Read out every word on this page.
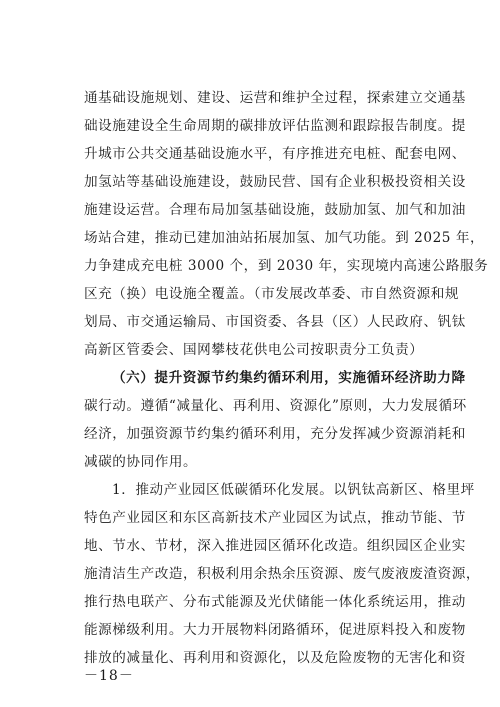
通基础设施规划、建设、运营和维护全过程，探索建立交通基
础设施建设全生命周期的碳排放评估监测和跟踪报告制度。提
升城市公共交通基础设施水平，有序推进充电桩、配套电网、
加氢站等基础设施建设，鼓励民营、国有企业积极投资相关设
施建设运营。合理布局加氢基础设施，鼓励加氢、加气和加油
场站合建，推动已建加油站拓展加氢、加气功能。到 2025 年，
力争建成充电桩 3000 个，到 2030 年，实现境内高速公路服务
区充（换）电设施全覆盖。（市发展改革委、市自然资源和规
划局、市交通运输局、市国资委、各县（区）人民政府、钒钛
高新区管委会、国网攀枝花供电公司按职责分工负责）
（六）提升资源节约集约循环利用，实施循环经济助力降
碳行动。遵循“减量化、再利用、资源化”原则，大力发展循环
经济，加强资源节约集约循环利用，充分发挥减少资源消耗和
减碳的协同作用。
1．推动产业园区低碳循环化发展。以钒钛高新区、格里坪
特色产业园区和东区高新技术产业园区为试点，推动节能、节
地、节水、节材，深入推进园区循环化改造。组织园区企业实
施清洁生产改造，积极利用余热余压资源、废气废液废渣资源，
推行热电联产、分布式能源及光伏储能一体化系统运用，推动
能源梯级利用。大力开展物料闭路循环，促进原料投入和废物
排放的减量化、再利用和资源化，以及危险废物的无害化和资
－18－
